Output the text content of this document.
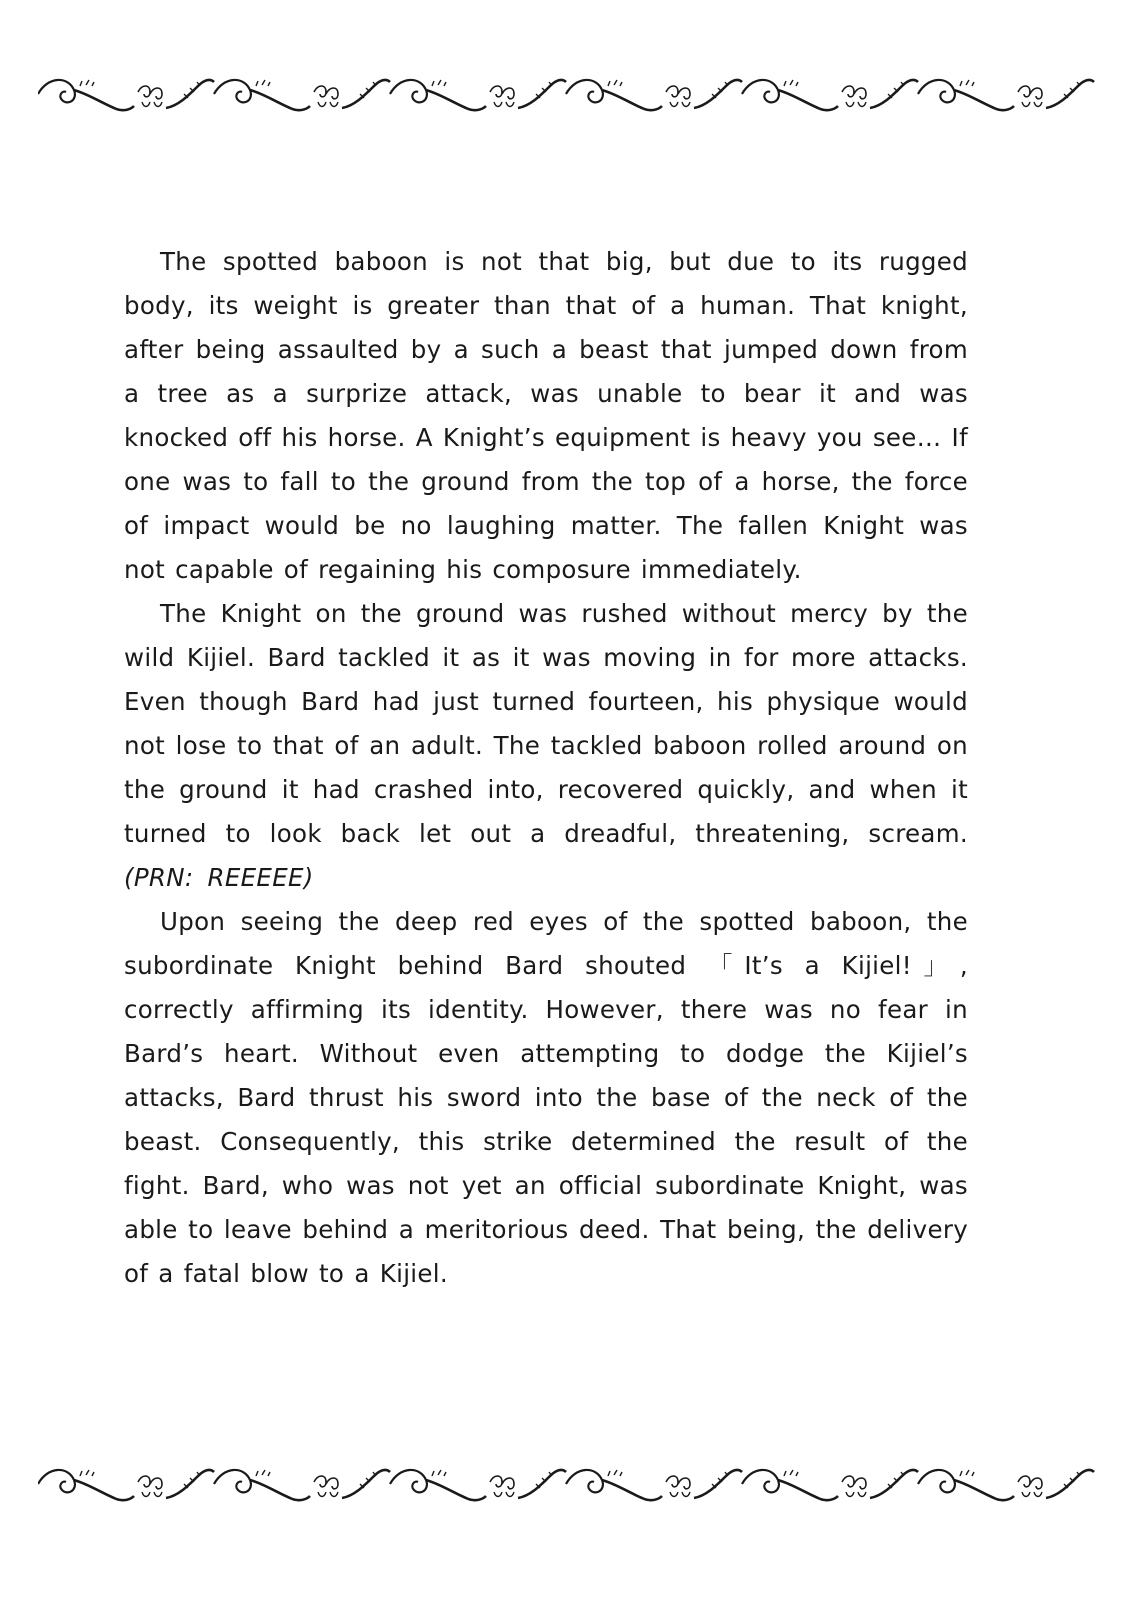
The spotted baboon is not that big, but due to its rugged body, its weight is greater than that of a human. That knight, after being assaulted by a such a beast that jumped down from a tree as a surprize attack, was unable to bear it and was knocked off his horse. A Knight’s equipment is heavy you see… If one was to fall to the ground from the top of a horse, the force of impact would be no laughing matter. The fallen Knight was not capable of regaining his composure immediately.

The Knight on the ground was rushed without mercy by the wild Kijiel. Bard tackled it as it was moving in for more attacks. Even though Bard had just turned fourteen, his physique would not lose to that of an adult. The tackled baboon rolled around on the ground it had crashed into, recovered quickly, and when it turned to look back let out a dreadful, threatening, scream. (PRN: REEEEE)

Upon seeing the deep red eyes of the spotted baboon, the subordinate Knight behind Bard shouted 「It’s a Kijiel!」, correctly affirming its identity. However, there was no fear in Bard’s heart. Without even attempting to dodge the Kijiel’s attacks, Bard thrust his sword into the base of the neck of the beast. Consequently, this strike determined the result of the fight. Bard, who was not yet an official subordinate Knight, was able to leave behind a meritorious deed. That being, the delivery of a fatal blow to a Kijiel.
